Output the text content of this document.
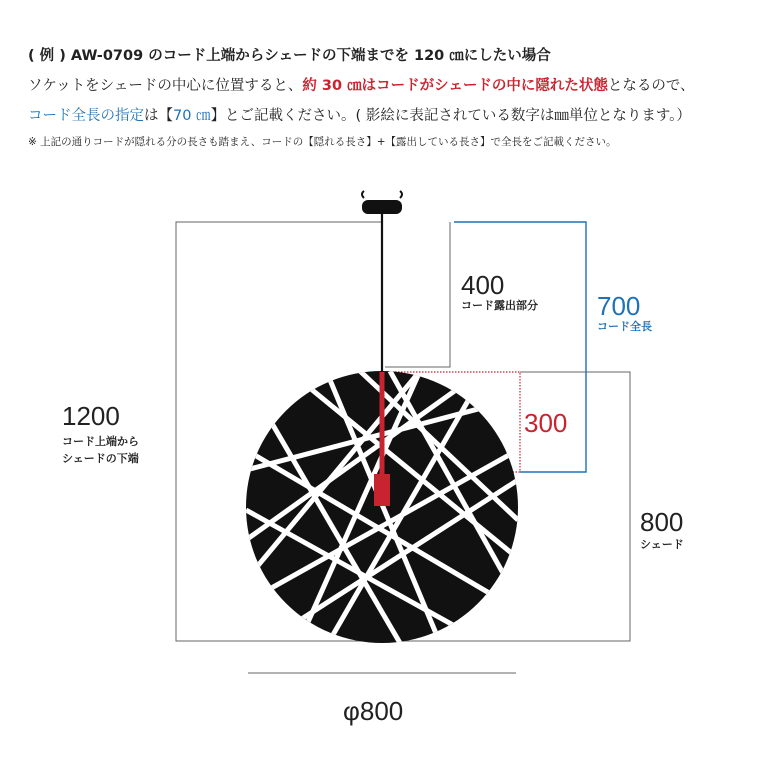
( 例 ) AW-0709 のコード上端からシェードの下端までを 120 ㎝にしたい場合
ソケットをシェードの中心に位置すると、約 30 ㎝はコードがシェードの中に隠れた状態となるので、
コード全長の指定は【70 ㎝】とご記載ください。( 影絵に表記されている数字は㎜単位となります。）
※ 上記の通りコードが隠れる分の長さも踏まえ、コードの【隠れる長さ】+【露出している長さ】で全長をご記載ください。
1200
コード上端から
シェードの下端
400
コード露出部分 700
コード全長
300
800
シェード
φ800
